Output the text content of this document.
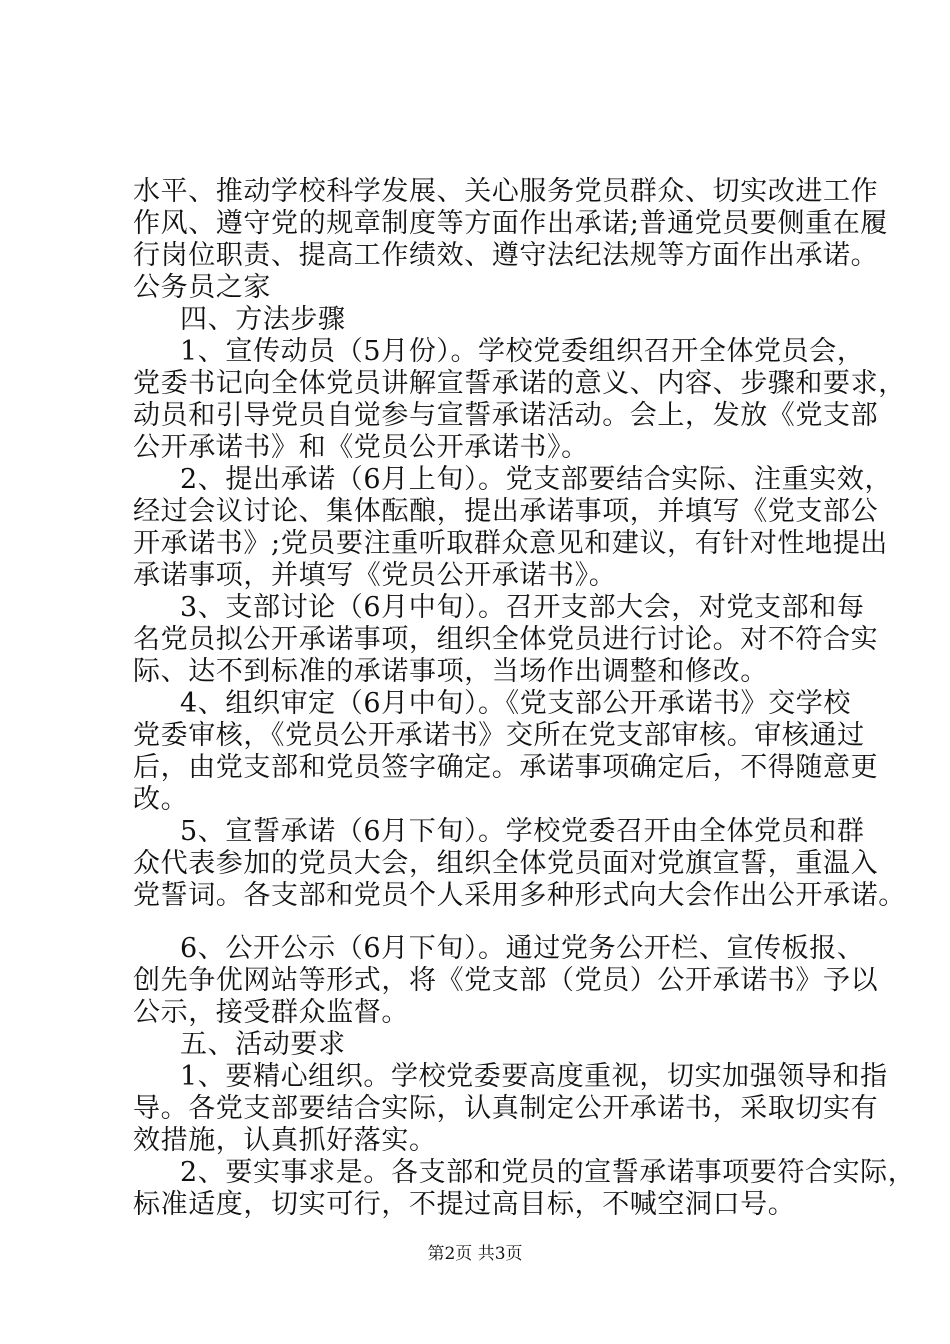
水平、推动学校科学发展、关心服务党员群众、切实改进工作
作风、遵守党的规章制度等方面作出承诺;普通党员要侧重在履
行岗位职责、提高工作绩效、遵守法纪法规等方面作出承诺。
公务员之家
四、方法步骤
1、宣传动员（5月份）。学校党委组织召开全体党员会，
党委书记向全体党员讲解宣誓承诺的意义、内容、步骤和要求，
动员和引导党员自觉参与宣誓承诺活动。会上，发放《党支部
公开承诺书》和《党员公开承诺书》。
2、提出承诺（6月上旬）。党支部要结合实际、注重实效，
经过会议讨论、集体酝酿，提出承诺事项，并填写《党支部公
开承诺书》;党员要注重听取群众意见和建议，有针对性地提出
承诺事项，并填写《党员公开承诺书》。
3、支部讨论（6月中旬）。召开支部大会，对党支部和每
名党员拟公开承诺事项，组织全体党员进行讨论。对不符合实
际、达不到标准的承诺事项，当场作出调整和修改。
4、组织审定（6月中旬）。《党支部公开承诺书》交学校
党委审核，《党员公开承诺书》交所在党支部审核。审核通过
后，由党支部和党员签字确定。承诺事项确定后，不得随意更
改。
5、宣誓承诺（6月下旬）。学校党委召开由全体党员和群
众代表参加的党员大会，组织全体党员面对党旗宣誓，重温入
党誓词。各支部和党员个人采用多种形式向大会作出公开承诺。
6、公开公示（6月下旬）。通过党务公开栏、宣传板报、
创先争优网站等形式，将《党支部（党员）公开承诺书》予以
公示，接受群众监督。
五、活动要求
1、要精心组织。学校党委要高度重视，切实加强领导和指
导。各党支部要结合实际，认真制定公开承诺书，采取切实有
效措施，认真抓好落实。
2、要实事求是。各支部和党员的宣誓承诺事项要符合实际，
标准适度，切实可行，不提过高目标，不喊空洞口号。
第2页 共3页
